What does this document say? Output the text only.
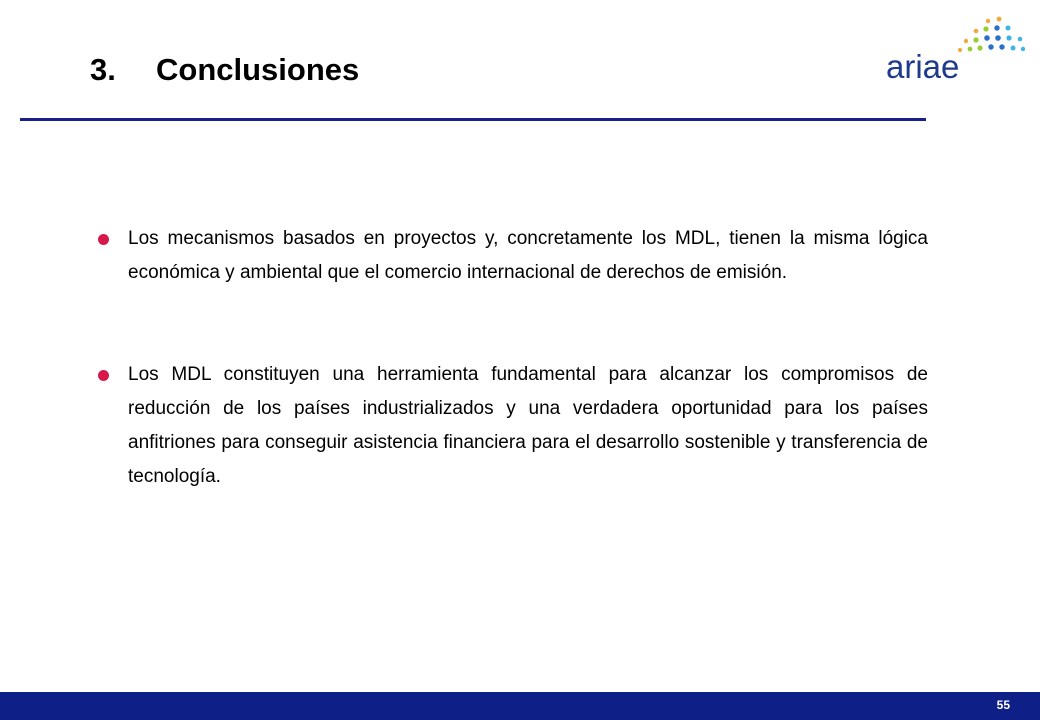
3. Conclusiones	ariae
Los mecanismos basados en proyectos y, concretamente los MDL, tienen la misma lógica económica y ambiental que el comercio internacional de derechos de emisión.
Los MDL constituyen una herramienta fundamental para alcanzar los compromisos de reducción de los países industrializados y una verdadera oportunidad para los países anfitriones para conseguir asistencia financiera para el desarrollo sostenible y transferencia de tecnología.
55
